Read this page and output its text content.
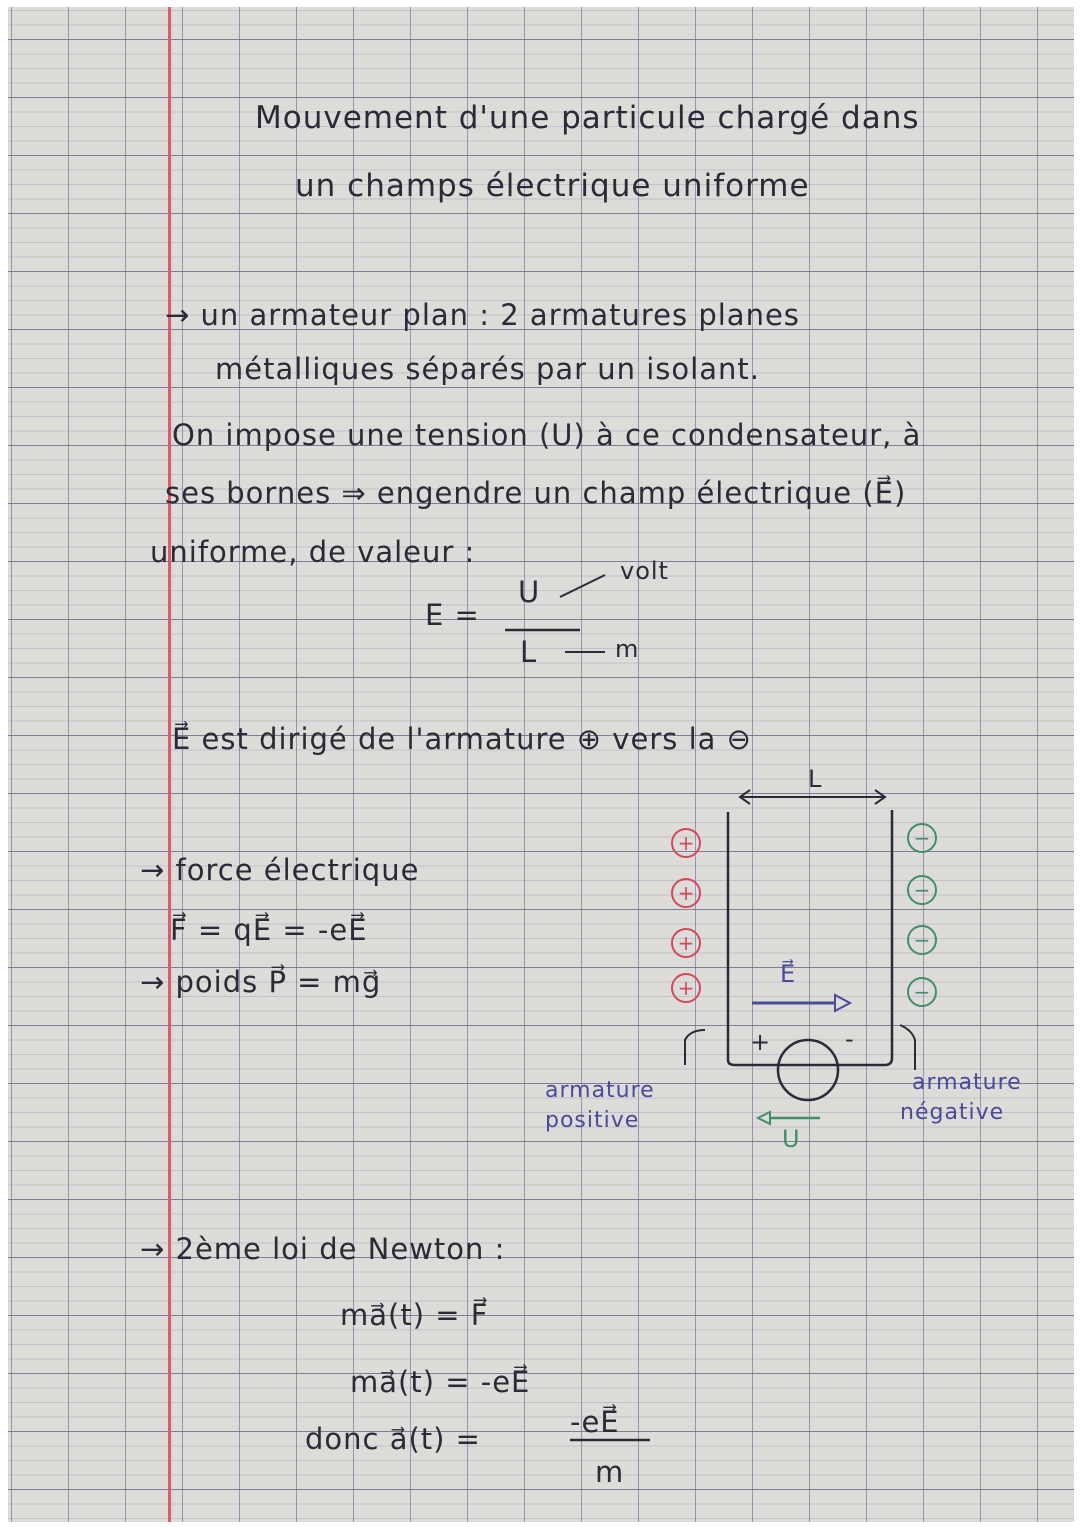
Mouvement d'une particule chargé dans
un champs électrique uniforme
→ un armateur plan : 2 armatures planes
métalliques séparés par un isolant.
On impose une tension (U) à ce condensateur, à
ses bornes ⇒ engendre un champ électrique (E⃗)
uniforme, de valeur :
E =
U
L
volt
m
E⃗ est dirigé de l'armature ⊕ vers la ⊖
→ force électrique
F⃗ = qE⃗ = -eE⃗
→ poids P⃗ = mg⃗
→ 2ème loi de Newton :
ma⃗(t) = F⃗
ma⃗(t) = -eE⃗
donc a⃗(t) =	-eE⃗
m
+
+
+
+
−
−
−
−
L
E⃗
+	-
U
armature
positive
armature
négative
